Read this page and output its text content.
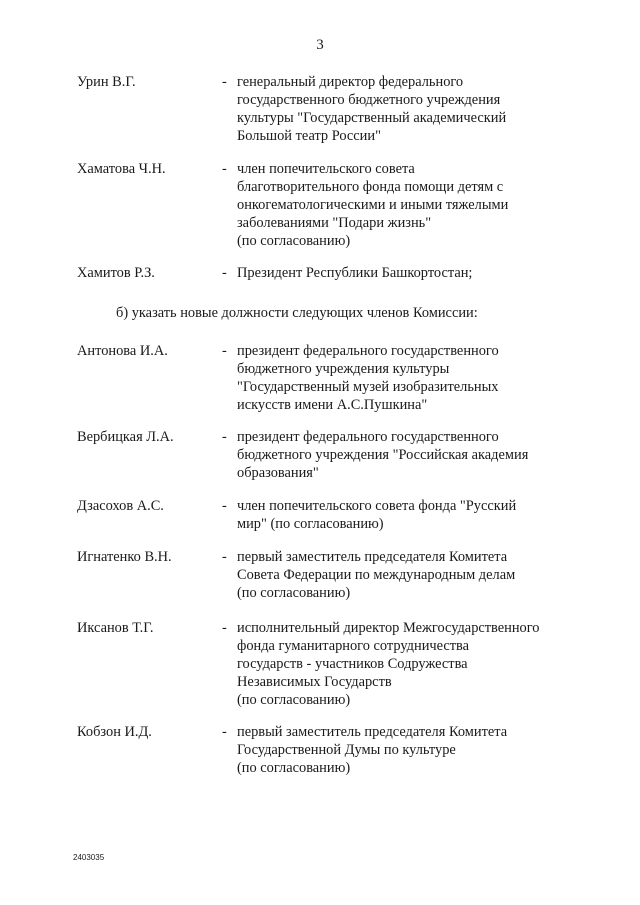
3
Урин В.Г.	- генеральный директор федерального
государственного бюджетного учреждения
культуры "Государственный академический
Большой театр России"
Хаматова Ч.Н.	- член попечительского совета
благотворительного фонда помощи детям с
онкогематологическими и иными тяжелыми
заболеваниями "Подари жизнь"
(по согласованию)
Хамитов Р.З.	- Президент Республики Башкортостан;
б) указать новые должности следующих членов Комиссии:
Антонова И.А.	- президент федерального государственного
бюджетного учреждения культуры
"Государственный музей изобразительных
искусств имени А.С.Пушкина"
Вербицкая Л.А.	- президент федерального государственного
бюджетного учреждения "Российская академия
образования"
Дзасохов А.С.	- член попечительского совета фонда "Русский
мир" (по согласованию)
Игнатенко В.Н.	- первый заместитель председателя Комитета
Совета Федерации по международным делам
(по согласованию)
Иксанов Т.Г.	- исполнительный директор Межгосударственного
фонда гуманитарного сотрудничества
государств - участников Содружества
Независимых Государств
(по согласованию)
Кобзон И.Д.	- первый заместитель председателя Комитета
Государственной Думы по культуре
(по согласованию)
2403035
